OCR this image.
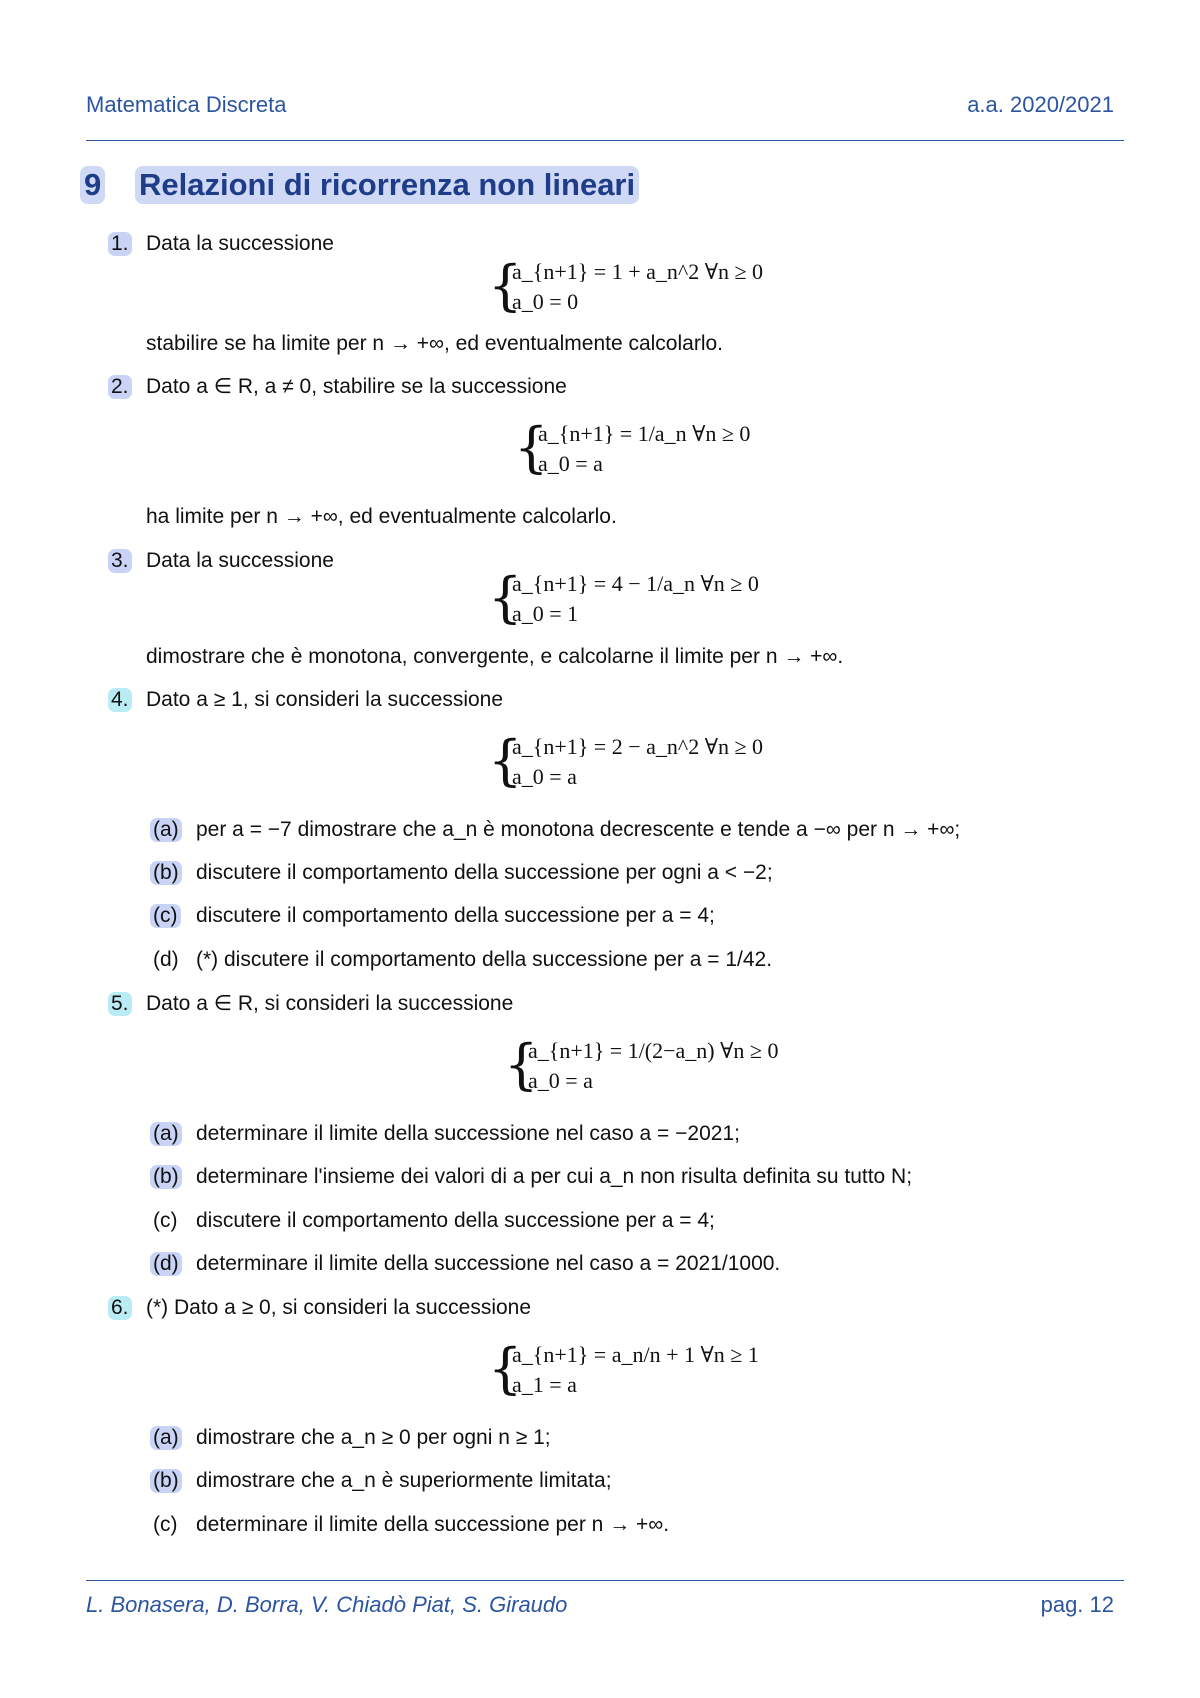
Matematica Discreta	a.a. 2020/2021
9 Relazioni di ricorrenza non lineari
1. Data la successione
{
a_{n+1} = 1 + a_n^2 ∀n ≥ 0
a_0 = 0
stabilire se ha limite per n → +∞, ed eventualmente calcolarlo.
2. Dato a ∈ R, a ≠ 0, stabilire se la successione
{
a_{n+1} = 1/a_n ∀n ≥ 0
a_0 = a
ha limite per n → +∞, ed eventualmente calcolarlo.
3. Data la successione
{
a_{n+1} = 4 − 1/a_n ∀n ≥ 0
a_0 = 1
dimostrare che è monotona, convergente, e calcolarne il limite per n → +∞.
4. Dato a ≥ 1, si consideri la successione
{
a_{n+1} = 2 − a_n^2 ∀n ≥ 0
a_0 = a
(a) per a = −7 dimostrare che a_n è monotona decrescente e tende a −∞ per n → +∞;
(b) discutere il comportamento della successione per ogni a < −2;
(c) discutere il comportamento della successione per a = 4;
(d) (*) discutere il comportamento della successione per a = 1/42.
5. Dato a ∈ R, si consideri la successione
{
a_{n+1} = 1/(2−a_n) ∀n ≥ 0
a_0 = a
(a) determinare il limite della successione nel caso a = −2021;
(b) determinare l'insieme dei valori di a per cui a_n non risulta definita su tutto N;
(c) discutere il comportamento della successione per a = 4;
(d) determinare il limite della successione nel caso a = 2021/1000.
6. (*) Dato a ≥ 0, si consideri la successione
{
a_{n+1} = a_n/n + 1 ∀n ≥ 1
a_1 = a
(a) dimostrare che a_n ≥ 0 per ogni n ≥ 1;
(b) dimostrare che a_n è superiormente limitata;
(c) determinare il limite della successione per n → +∞.
L. Bonasera, D. Borra, V. Chiadò Piat, S. Giraudo	pag. 12
